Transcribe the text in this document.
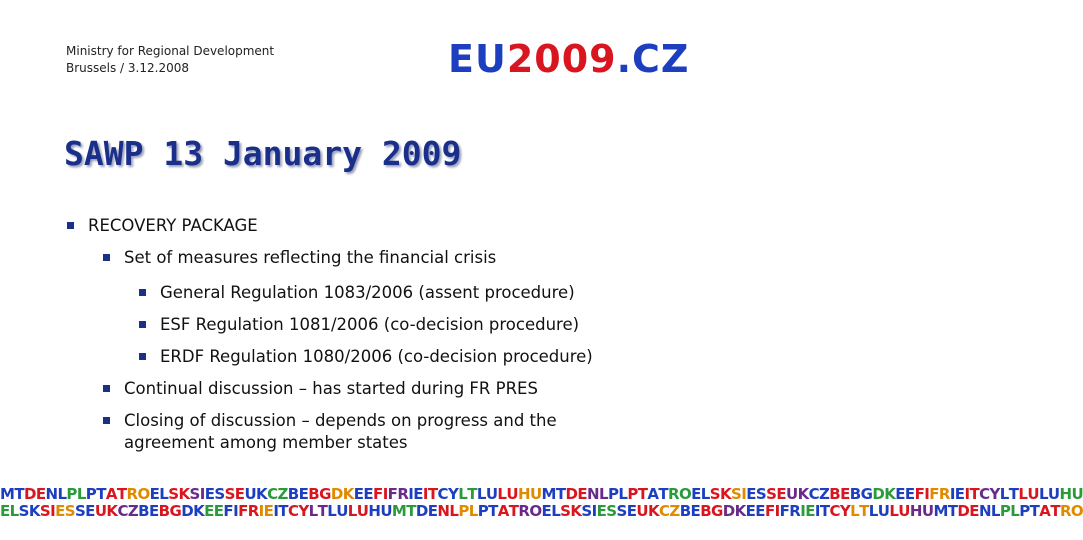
Ministry for Regional Development
Brussels / 3.12.2008	EU2009.CZ
SAWP 13 January 2009
RECOVERY PACKAGE
Set of measures reflecting the financial crisis
General Regulation 1083/2006 (assent procedure)
ESF Regulation 1081/2006 (co-decision procedure)
ERDF Regulation 1080/2006 (co-decision procedure)
Continual discussion – has started during FR PRES
Closing of discussion – depends on progress and the agreement among member states
MTDENLPLPTATROELSKSIESSEUKCZBEBGDKEEFIFRIEITCYLTLULUHUMTDENLPLPTATROELSKSIESSEUKCZBEBGDKEEFIFRIEITCYLTLULUHU
ELSKSIESSEUKCZBEBGDKEEFIFRIEITCYLTLULUHUMTDENLPLPTATROELSKSIESSEUKCZBEBGDKEEFIFRIEITCYLTLULUHUMTDENLPLPTATRO
